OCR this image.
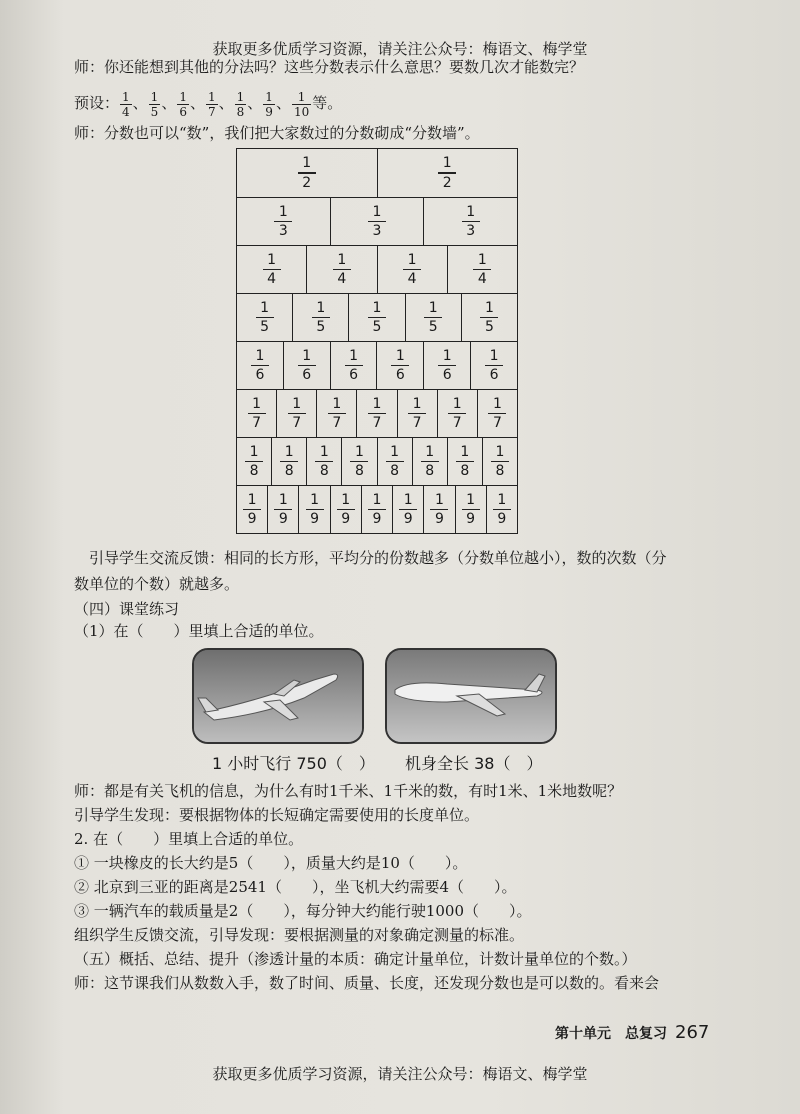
获取更多优质学习资源，请关注公众号：梅语文、梅学堂
师：你还能想到其他的分法吗？这些分数表示什么意思？要数几次才能数完？
预设： $\frac{1}{4}$ 、 $\frac{1}{5}$ 、 $\frac{1}{6}$ 、 $\frac{1}{7}$ 、 $\frac{1}{8}$ 、 $\frac{1}{9}$ 、 $\frac{1}{10}$ 等。
师：分数也可以“数”，我们把大家数过的分数砌成“分数墙”。
1
2
1
2
1
3
1
3
1
3
1
4
1
4
1
4
1
4
1
5
1
5
1
5
1
5
1
5
1
6
1
6
1
6
1
6
1
6
1
6
1
7
1
7
1
7
1
7
1
7
1
7
1
7
1
8
1
8
1
8
1
8
1
8
1
8
1
8
1
8
1
9
1
9
1
9
1
9
1
9
1
9
1
9
1
9
1
9
引导学生交流反馈：相同的长方形，平均分的份数越多（分数单位越小），数的次数（分
数单位的个数）就越多。
（四）课堂练习
（1）在（　　）里填上合适的单位。
1 小时飞行 750（　） 机身全长 38（　）
师：都是有关飞机的信息，为什么有时1千米、1千米的数，有时1米、1米地数呢？
引导学生发现：要根据物体的长短确定需要使用的长度单位。
2. 在（　　）里填上合适的单位。
① 一块橡皮的长大约是5（　　），质量大约是10（　　）。
② 北京到三亚的距离是2541（　　），坐飞机大约需要4（　　）。
③ 一辆汽车的载质量是2（　　），每分钟大约能行驶1000（　　）。
组织学生反馈交流，引导发现：要根据测量的对象确定测量的标准。
（五）概括、总结、提升（渗透计量的本质：确定计量单位，计数计量单位的个数。）
师：这节课我们从数数入手，数了时间、质量、长度，还发现分数也是可以数的。看来会
第十单元　总复习 267
获取更多优质学习资源，请关注公众号：梅语文、梅学堂
